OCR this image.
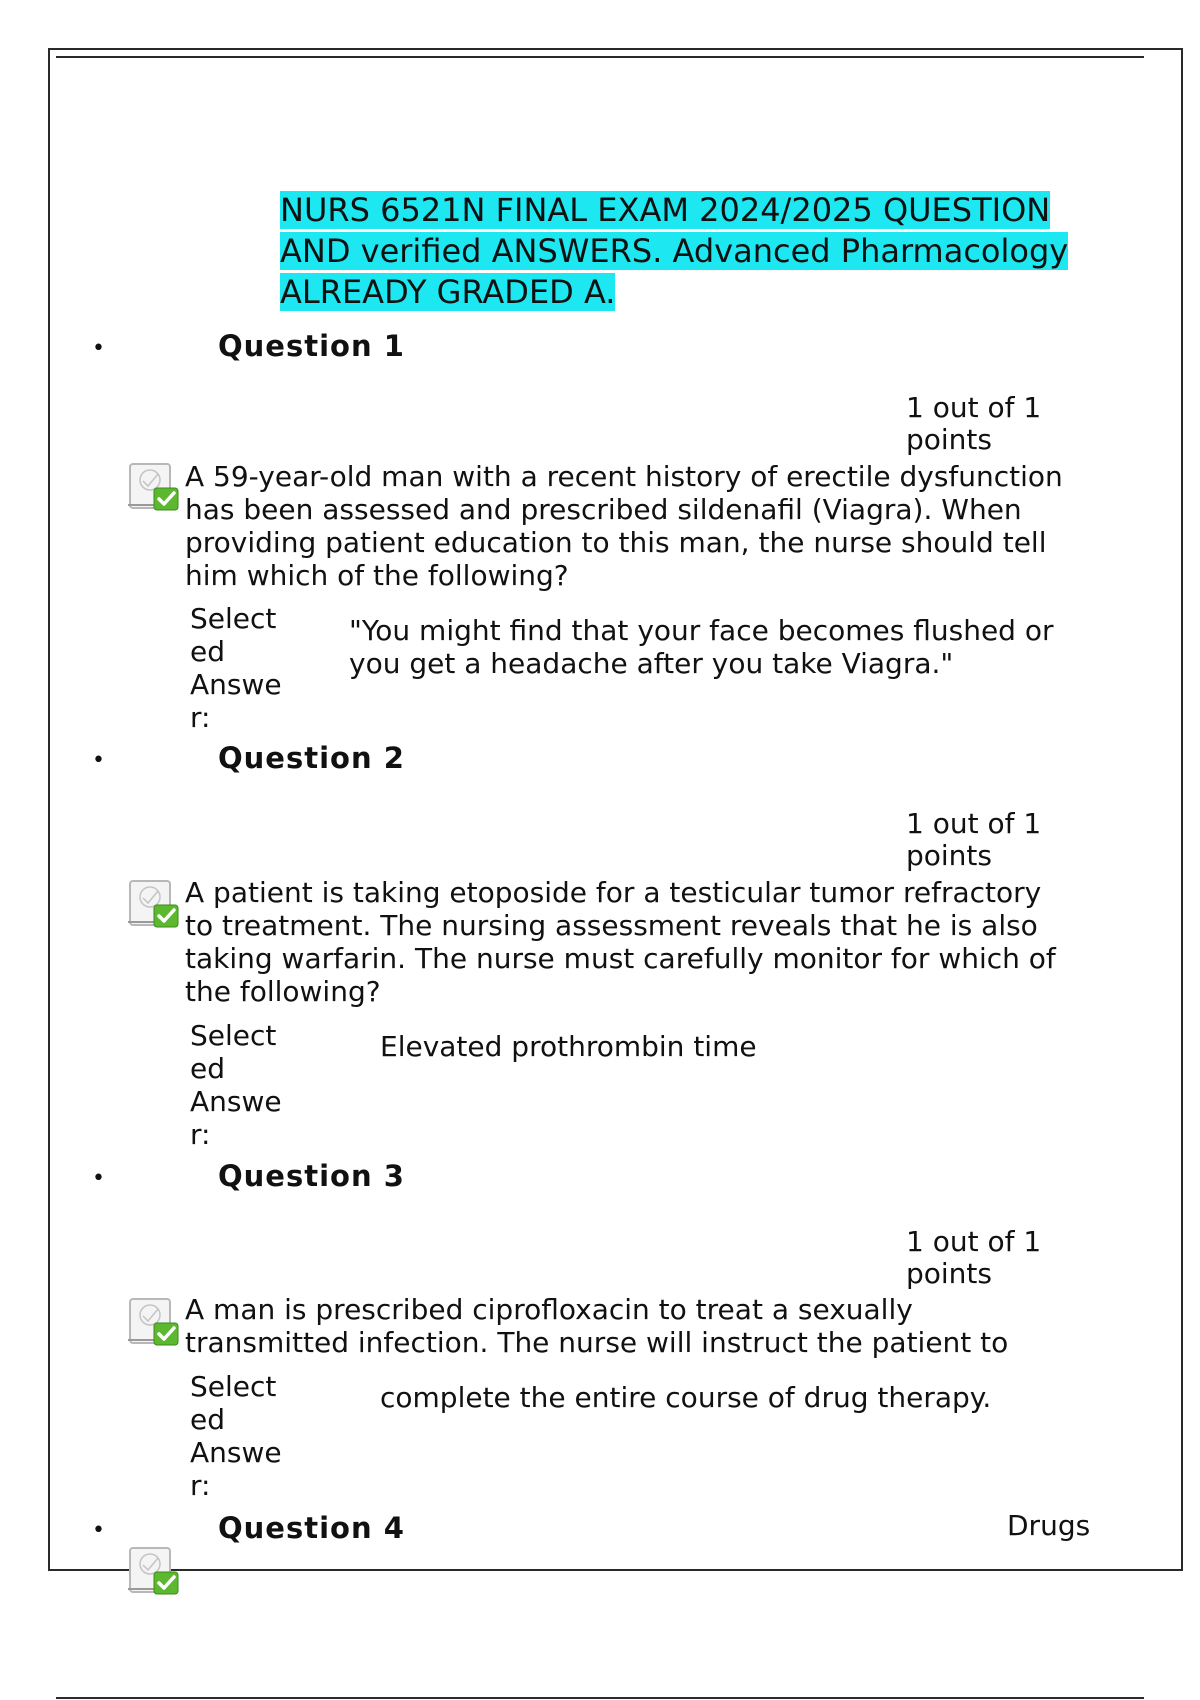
NURS 6521N FINAL EXAM 2024/2025 QUESTION AND verified ANSWERS. Advanced Pharmacology ALREADY GRADED A.
•	Question 1
1 out of 1 points
A 59-year-old man with a recent history of erectile dysfunction has been assessed and prescribed sildenafil (Viagra). When providing patient education to this man, the nurse should tell him which of the following?
Select ed Answe r:
"You might find that your face becomes flushed or you get a headache after you take Viagra."
•	Question 2
1 out of 1 points
A patient is taking etoposide for a testicular tumor refractory to treatment. The nursing assessment reveals that he is also taking warfarin. The nurse must carefully monitor for which of the following?
Select ed Answe r:
Elevated prothrombin time
•	Question 3
1 out of 1 points
A man is prescribed ciprofloxacin to treat a sexually transmitted infection. The nurse will instruct the patient to
Select ed Answe r:
complete the entire course of drug therapy.
•	Question 4	Drugs
